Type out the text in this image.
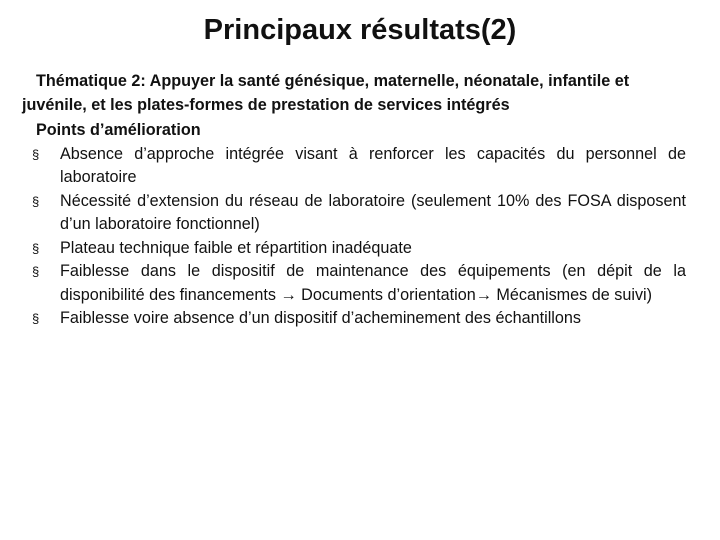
Principaux résultats(2)

Thématique 2: Appuyer la santé génésique, maternelle, néonatale, infantile et juvénile, et les plates-formes de prestation de services intégrés

Points d’amélioration

§ Absence d’approche intégrée visant à renforcer les capacités du personnel de laboratoire
§ Nécessité d’extension du réseau de laboratoire (seulement 10% des FOSA disposent d’un laboratoire fonctionnel)
§ Plateau technique faible et répartition inadéquate
§ Faiblesse dans le dispositif de maintenance des équipements (en dépit de la disponibilité des financements → Documents d’orientation→ Mécanismes de suivi)
§ Faiblesse voire absence d’un dispositif d’acheminement des échantillons
